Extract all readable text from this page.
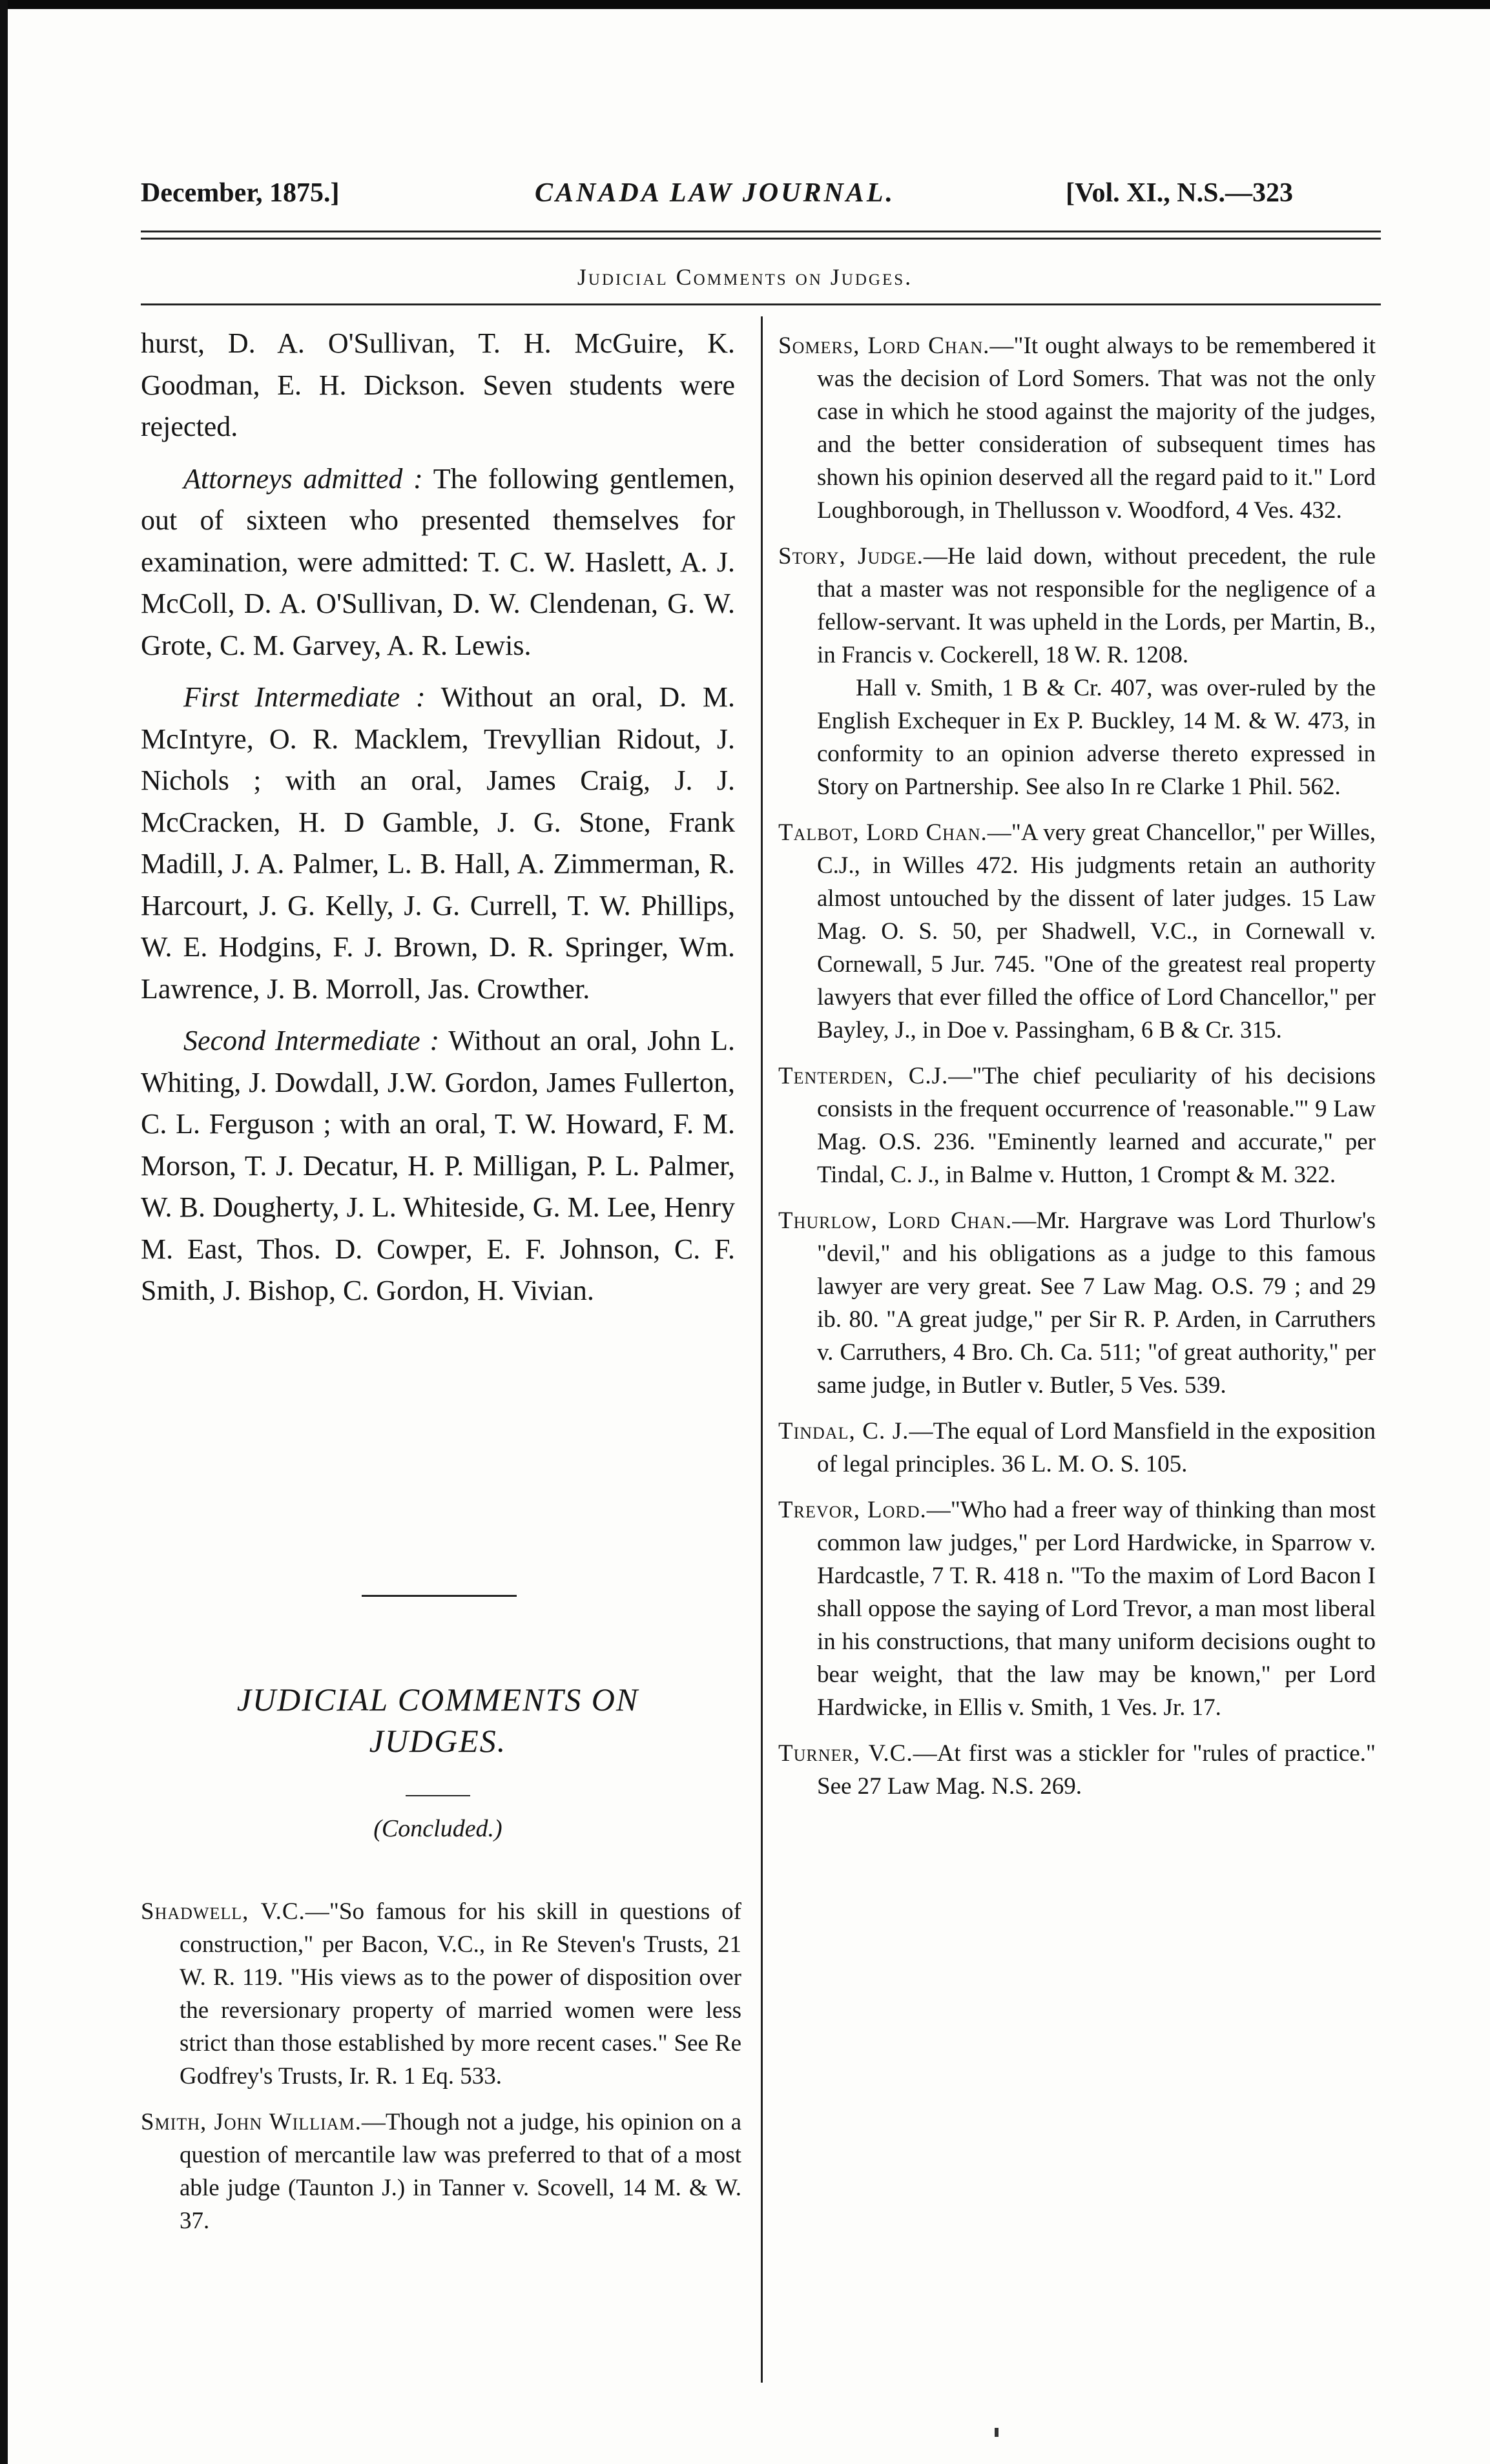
December, 1875.]	CANADA LAW JOURNAL.	[Vol. XI., N.S.—323
Judicial Comments on Judges.

hurst, D. A. O'Sullivan, T. H. McGuire, K. Goodman, E. H. Dickson. Seven students were rejected.

Attorneys admitted : The following gentlemen, out of sixteen who presented themselves for examination, were admitted: T. C. W. Haslett, A. J. McColl, D. A. O'Sullivan, D. W. Clendenan, G. W. Grote, C. M. Garvey, A. R. Lewis.

First Intermediate : Without an oral, D. M. McIntyre, O. R. Macklem, Trevyllian Ridout, J. Nichols ; with an oral, James Craig, J. J. McCracken, H. D Gamble, J. G. Stone, Frank Madill, J. A. Palmer, L. B. Hall, A. Zimmerman, R. Harcourt, J. G. Kelly, J. G. Currell, T. W. Phillips, W. E. Hodgins, F. J. Brown, D. R. Springer, Wm. Lawrence, J. B. Morroll, Jas. Crowther.

Second Intermediate : Without an oral, John L. Whiting, J. Dowdall, J.W. Gordon, James Fullerton, C. L. Ferguson ; with an oral, T. W. Howard, F. M. Morson, T. J. Decatur, H. P. Milligan, P. L. Palmer, W. B. Dougherty, J. L. Whiteside, G. M. Lee, Henry M. East, Thos. D. Cowper, E. F. Johnson, C. F. Smith, J. Bishop, C. Gordon, H. Vivian.

JUDICIAL COMMENTS ON
JUDGES.
(Concluded.)

Shadwell, V.C.—"So famous for his skill in questions of construction," per Bacon, V.C., in Re Steven's Trusts, 21 W. R. 119. "His views as to the power of disposition over the reversionary property of married women were less strict than those established by more recent cases." See Re Godfrey's Trusts, Ir. R. 1 Eq. 533.

Smith, John William.—Though not a judge, his opinion on a question of mercantile law was preferred to that of a most able judge (Taunton J.) in Tanner v. Scovell, 14 M. & W. 37.

Somers, Lord Chan.—"It ought always to be remembered it was the decision of Lord Somers. That was not the only case in which he stood against the majority of the judges, and the better consideration of subsequent times has shown his opinion deserved all the regard paid to it." Lord Loughborough, in Thellusson v. Woodford, 4 Ves. 432.

Story, Judge.—He laid down, without precedent, the rule that a master was not responsible for the negligence of a fellow-servant. It was upheld in the Lords, per Martin, B., in Francis v. Cockerell, 18 W. R. 1208.

Hall v. Smith, 1 B & Cr. 407, was over-ruled by the English Exchequer in Ex P. Buckley, 14 M. & W. 473, in conformity to an opinion adverse thereto expressed in Story on Partnership. See also In re Clarke 1 Phil. 562.

Talbot, Lord Chan.—"A very great Chancellor," per Willes, C.J., in Willes 472. His judgments retain an authority almost untouched by the dissent of later judges. 15 Law Mag. O. S. 50, per Shadwell, V.C., in Cornewall v. Cornewall, 5 Jur. 745. "One of the greatest real property lawyers that ever filled the office of Lord Chancellor," per Bayley, J., in Doe v. Passingham, 6 B & Cr. 315.

Tenterden, C.J.—"The chief peculiarity of his decisions consists in the frequent occurrence of 'reasonable.'" 9 Law Mag. O.S. 236. "Eminently learned and accurate," per Tindal, C. J., in Balme v. Hutton, 1 Crompt & M. 322.

Thurlow, Lord Chan.—Mr. Hargrave was Lord Thurlow's "devil," and his obligations as a judge to this famous lawyer are very great. See 7 Law Mag. O.S. 79 ; and 29 ib. 80. "A great judge," per Sir R. P. Arden, in Carruthers v. Carruthers, 4 Bro. Ch. Ca. 511; "of great authority," per same judge, in Butler v. Butler, 5 Ves. 539.

Tindal, C. J.—The equal of Lord Mansfield in the exposition of legal principles. 36 L. M. O. S. 105.

Trevor, Lord.—"Who had a freer way of thinking than most common law judges," per Lord Hardwicke, in Sparrow v. Hardcastle, 7 T. R. 418 n. "To the maxim of Lord Bacon I shall oppose the saying of Lord Trevor, a man most liberal in his constructions, that many uniform decisions ought to bear weight, that the law may be known," per Lord Hardwicke, in Ellis v. Smith, 1 Ves. Jr. 17.

Turner, V.C.—At first was a stickler for "rules of practice." See 27 Law Mag. N.S. 269.
